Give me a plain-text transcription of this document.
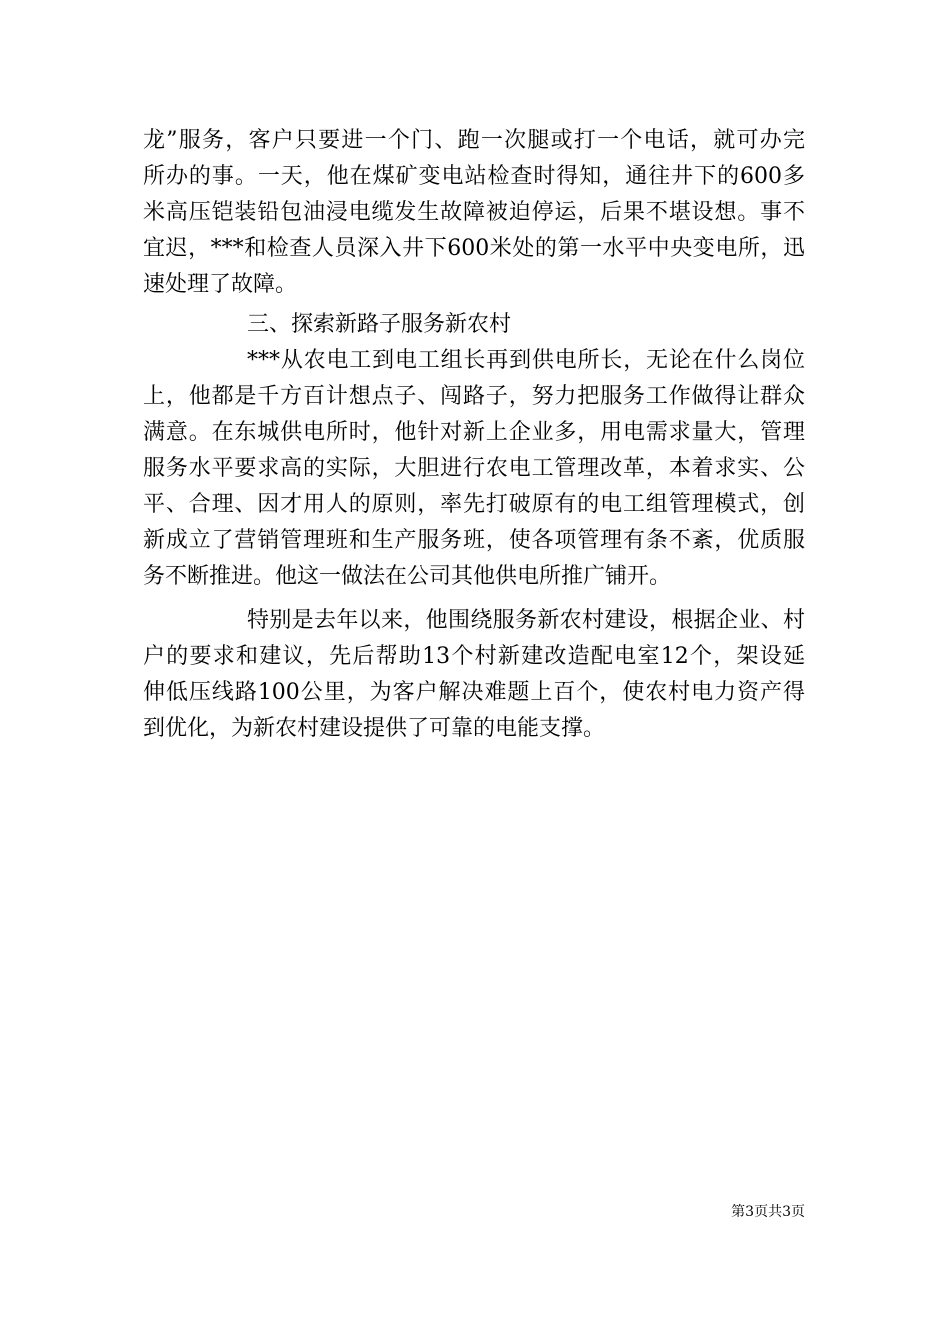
龙”服务，客户只要进一个门、跑一次腿或打一个电话，就可办完
所办的事。一天，他在煤矿变电站检查时得知，通往井下的600多
米高压铠装铅包油浸电缆发生故障被迫停运，后果不堪设想。事不
宜迟，***和检查人员深入井下600米处的第一水平中央变电所，迅
速处理了故障。
三、探索新路子服务新农村
***从农电工到电工组长再到供电所长，无论在什么岗位
上，他都是千方百计想点子、闯路子，努力把服务工作做得让群众
满意。在东城供电所时，他针对新上企业多，用电需求量大，管理
服务水平要求高的实际，大胆进行农电工管理改革，本着求实、公
平、合理、因才用人的原则，率先打破原有的电工组管理模式，创
新成立了营销管理班和生产服务班，使各项管理有条不紊，优质服
务不断推进。他这一做法在公司其他供电所推广铺开。
特别是去年以来，他围绕服务新农村建设，根据企业、村
户的要求和建议，先后帮助13个村新建改造配电室12个，架设延
伸低压线路100公里，为客户解决难题上百个，使农村电力资产得
到优化，为新农村建设提供了可靠的电能支撑。
第3页共3页
